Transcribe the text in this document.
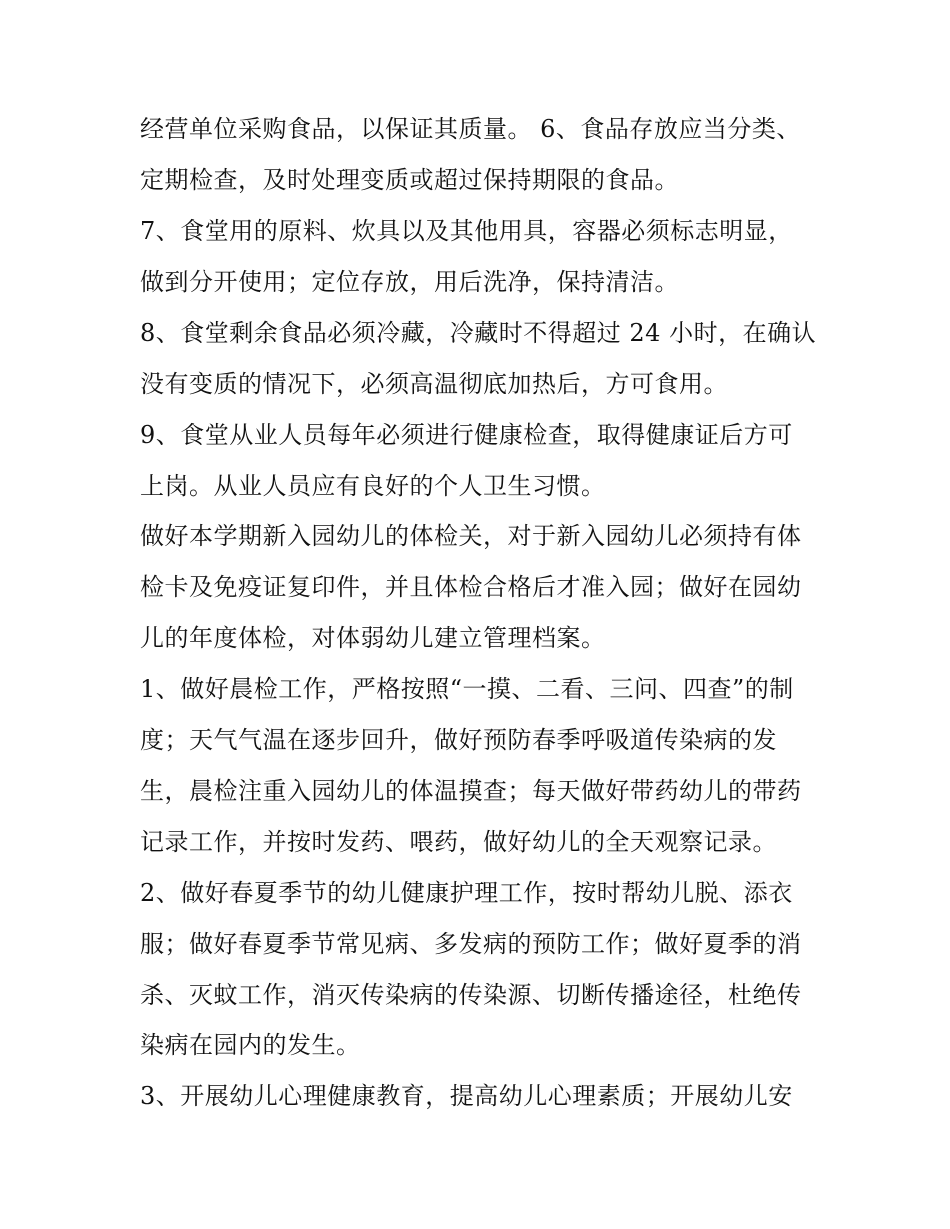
经营单位采购食品，以保证其质量。 6、食品存放应当分类、
定期检查，及时处理变质或超过保持期限的食品。
7、食堂用的原料、炊具以及其他用具，容器必须标志明显，
做到分开使用；定位存放，用后洗净，保持清洁。
8、食堂剩余食品必须冷藏，冷藏时不得超过 24 小时，在确认
没有变质的情况下，必须高温彻底加热后，方可食用。
9、食堂从业人员每年必须进行健康检查，取得健康证后方可
上岗。从业人员应有良好的个人卫生习惯。
做好本学期新入园幼儿的体检关，对于新入园幼儿必须持有体
检卡及免疫证复印件，并且体检合格后才准入园；做好在园幼
儿的年度体检，对体弱幼儿建立管理档案。
1、做好晨检工作，严格按照“一摸、二看、三问、四查”的制
度；天气气温在逐步回升，做好预防春季呼吸道传染病的发
生，晨检注重入园幼儿的体温摸查；每天做好带药幼儿的带药
记录工作，并按时发药、喂药，做好幼儿的全天观察记录。
2、做好春夏季节的幼儿健康护理工作，按时帮幼儿脱、添衣
服；做好春夏季节常见病、多发病的预防工作；做好夏季的消
杀、灭蚊工作，消灭传染病的传染源、切断传播途径，杜绝传
染病在园内的发生。
3、开展幼儿心理健康教育，提高幼儿心理素质；开展幼儿安
